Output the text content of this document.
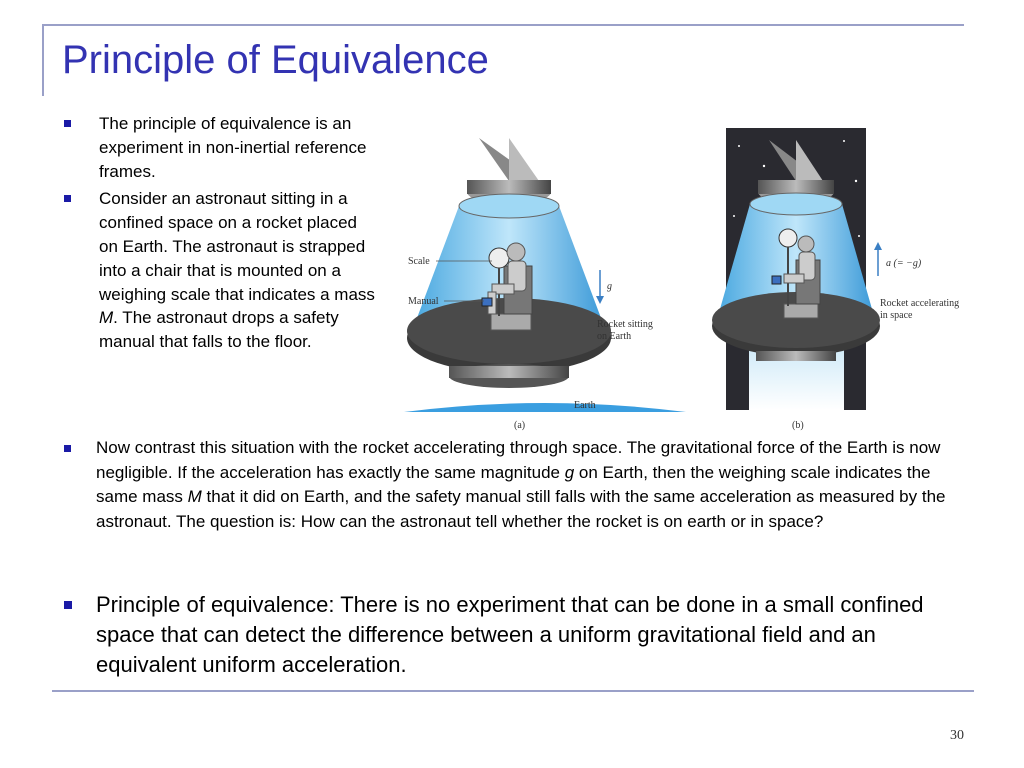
Principle of Equivalence
The principle of equivalence is an experiment in non-inertial reference frames.
Consider an astronaut sitting in a confined space on a rocket placed on Earth. The astronaut is strapped into a chair that is mounted on a weighing scale that indicates a mass M. The astronaut drops a safety manual that falls to the floor.
Scale
Manual
g
Rocket sitting
on Earth
Earth
(a)
a (= −g)
Rocket accelerating
in space
(b)
Now contrast this situation with the rocket accelerating through space. The gravitational force of the Earth is now negligible. If the acceleration has exactly the same magnitude g on Earth, then the weighing scale indicates the same mass M that it did on Earth, and the safety manual still falls with the same acceleration as measured by the astronaut. The question is: How can the astronaut tell whether the rocket is on earth or in space?
Principle of equivalence: There is no experiment that can be done in a small confined space that can detect the difference between a uniform gravitational field and an equivalent uniform acceleration.
30
